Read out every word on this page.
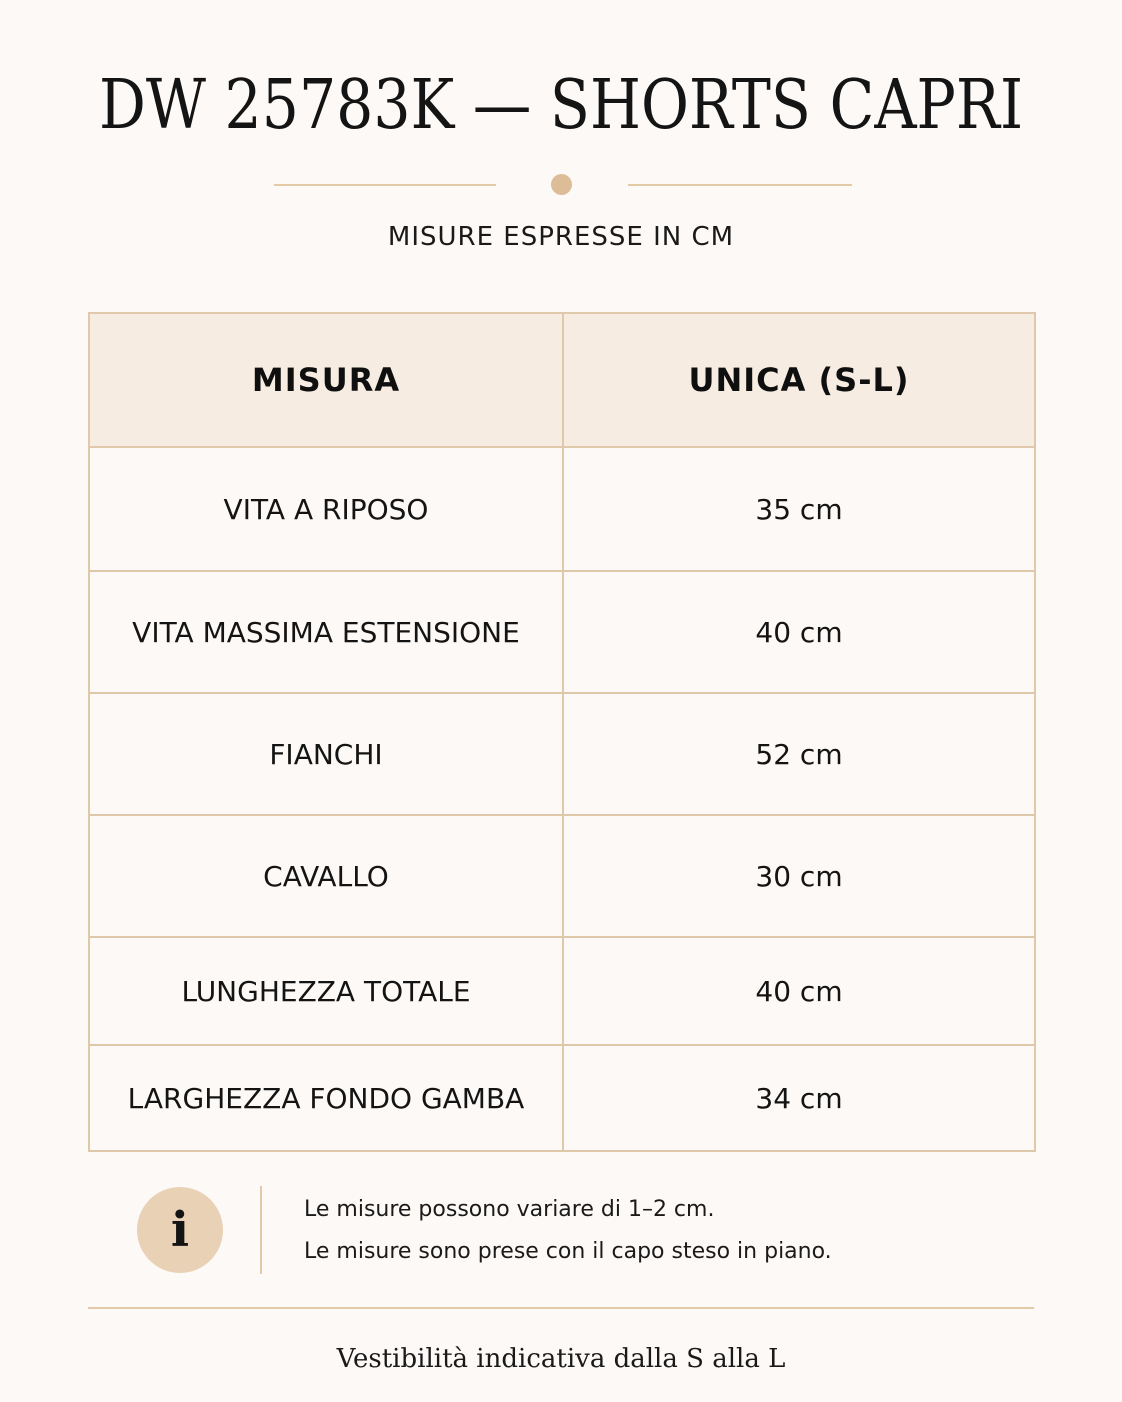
DW 25783K — SHORTS CAPRI
MISURE ESPRESSE IN CM
MISURA	UNICA (S-L)
VITA A RIPOSO	35 cm
VITA MASSIMA ESTENSIONE	40 cm
FIANCHI	52 cm
CAVALLO	30 cm
LUNGHEZZA TOTALE	40 cm
LARGHEZZA FONDO GAMBA	34 cm
i	Le misure possono variare di 1–2 cm.
Le misure sono prese con il capo steso in piano.
Vestibilità indicativa dalla S alla L
